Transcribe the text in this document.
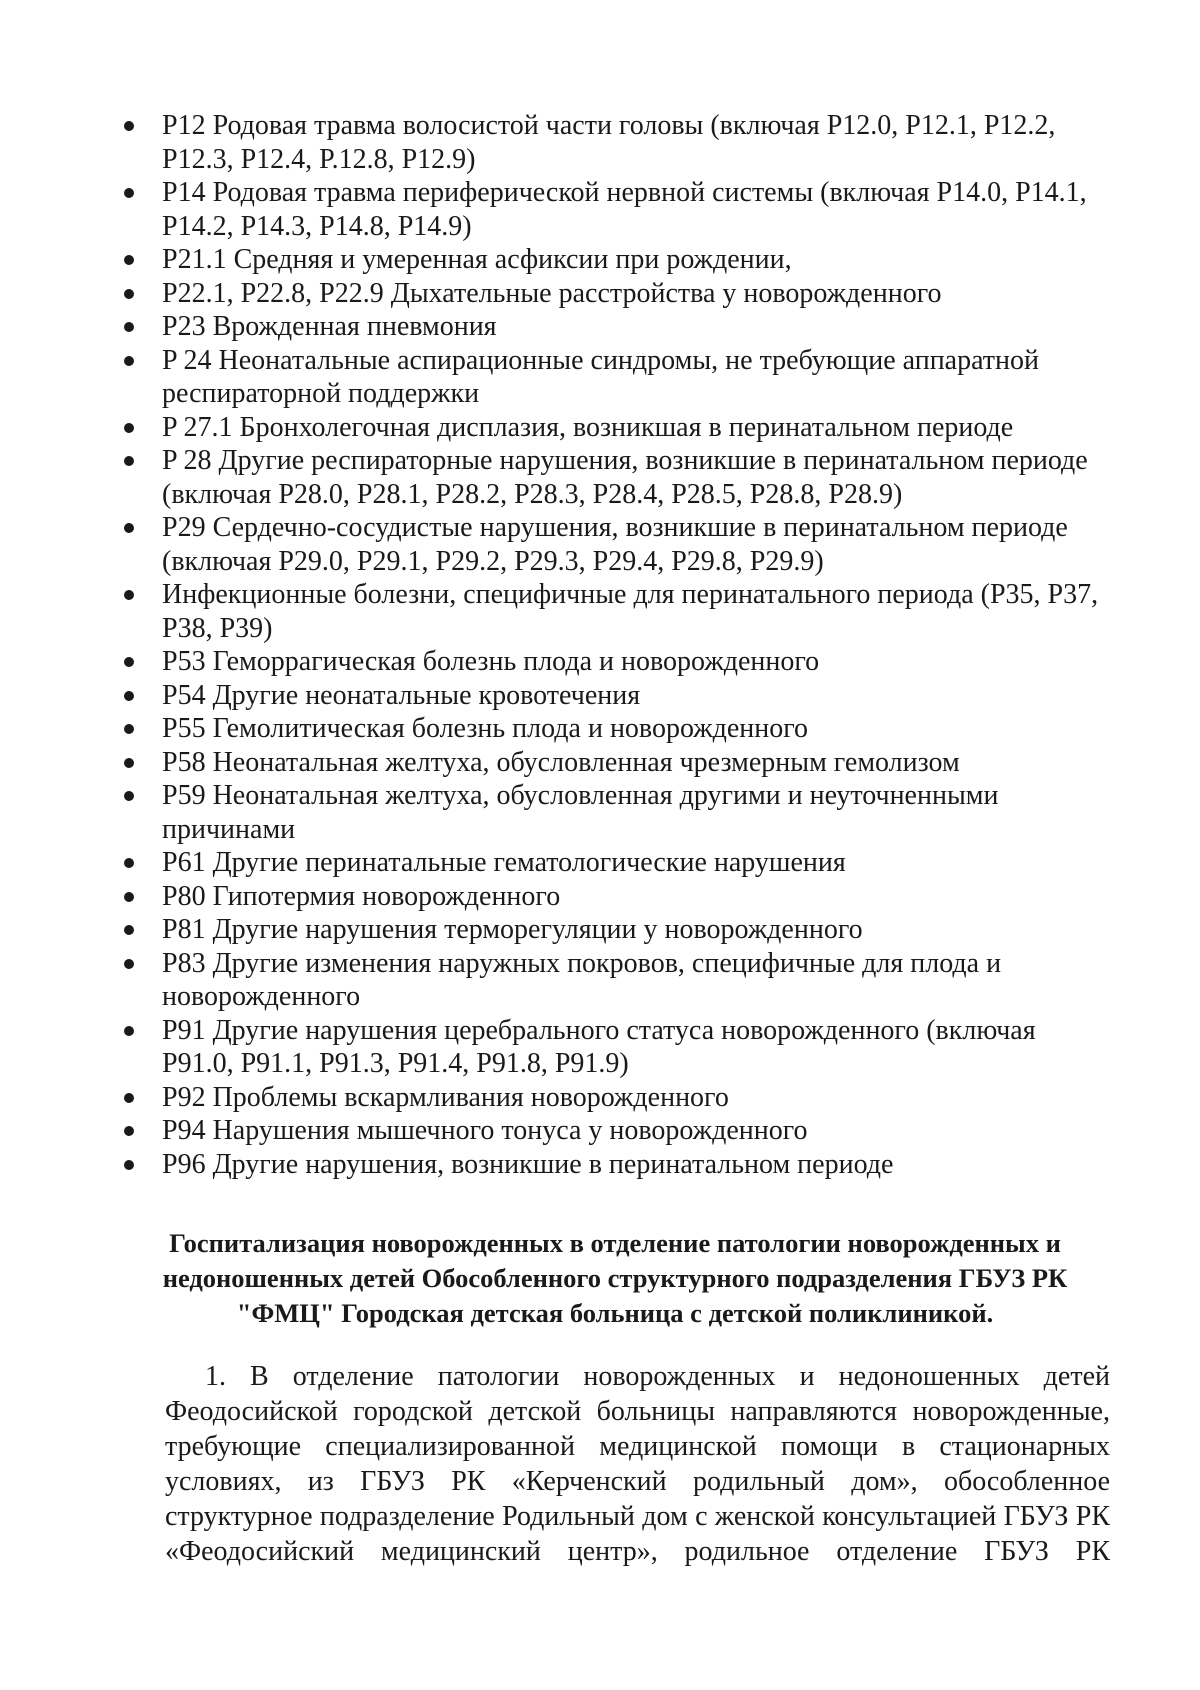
P12 Родовая травма волосистой части головы (включая P12.0, P12.1, P12.2, P12.3, P12.4, P.12.8, P12.9)
P14 Родовая травма периферической нервной системы (включая P14.0, P14.1, P14.2, P14.3, P14.8, P14.9)
P21.1 Средняя и умеренная асфиксии при рождении,
P22.1, P22.8, P22.9 Дыхательные расстройства у новорожденного
P23 Врожденная пневмония
P 24 Неонатальные аспирационные синдромы, не требующие аппаратной респираторной поддержки
P 27.1 Бронхолегочная дисплазия, возникшая в перинатальном периоде
P 28 Другие респираторные нарушения, возникшие в перинатальном периоде (включая P28.0, P28.1, P28.2, P28.3, P28.4, P28.5, P28.8, P28.9)
P29 Сердечно-сосудистые нарушения, возникшие в перинатальном периоде (включая P29.0, P29.1, P29.2, P29.3, P29.4, P29.8, P29.9)
Инфекционные болезни, специфичные для перинатального периода (P35, P37, P38, P39)
P53 Геморрагическая болезнь плода и новорожденного
P54 Другие неонатальные кровотечения
P55 Гемолитическая болезнь плода и новорожденного
P58 Неонатальная желтуха, обусловленная чрезмерным гемолизом
P59 Неонатальная желтуха, обусловленная другими и неуточненными причинами
P61 Другие перинатальные гематологические нарушения
P80 Гипотермия новорожденного
P81 Другие нарушения терморегуляции у новорожденного
P83 Другие изменения наружных покровов, специфичные для плода и новорожденного
P91 Другие нарушения церебрального статуса новорожденного (включая P91.0, P91.1, P91.3, P91.4, P91.8, P91.9)
P92 Проблемы вскармливания новорожденного
P94 Нарушения мышечного тонуса у новорожденного
P96 Другие нарушения, возникшие в перинатальном периоде
Госпитализация новорожденных в отделение патологии новорожденных и недоношенных детей Обособленного структурного подразделения ГБУЗ РК "ФМЦ" Городская детская больница с детской поликлиникой.
1. В отделение патологии новорожденных и недоношенных детей Феодосийской городской детской больницы направляются новорожденные, требующие специализированной медицинской помощи в стационарных условиях, из ГБУЗ РК «Керченский родильный дом», обособленное структурное подразделение Родильный дом с женской консультацией ГБУЗ РК «Феодосийский медицинский центр», родильное отделение ГБУЗ РК
